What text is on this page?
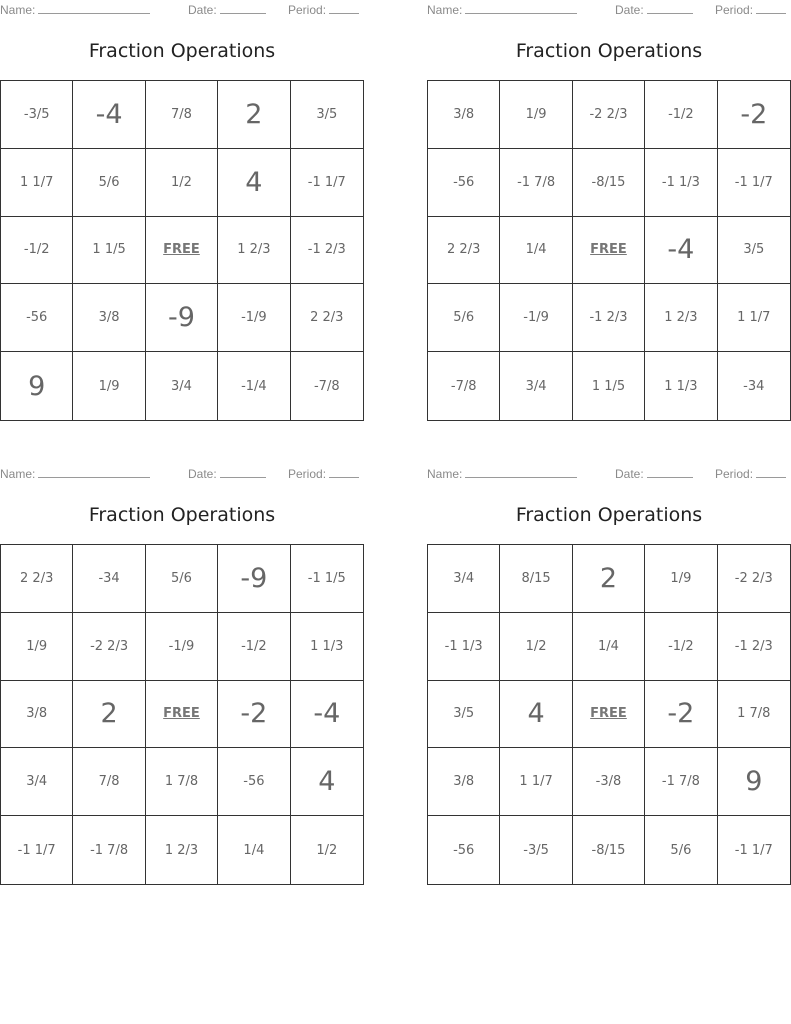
Name:	Date:	Period:
Fraction Operations
-3/5	-4	7/8	2	3/5
1 1/7	5/6	1/2	4	-1 1/7
-1/2	1 1/5	FREE	1 2/3	-1 2/3
-56	3/8	-9	-1/9	2 2/3
9	1/9	3/4	-1/4	-7/8
Name:	Date:	Period:
Fraction Operations
3/8	1/9	-2 2/3	-1/2	-2
-56	-1 7/8	-8/15	-1 1/3	-1 1/7
2 2/3	1/4	FREE	-4	3/5
5/6	-1/9	-1 2/3	1 2/3	1 1/7
-7/8	3/4	1 1/5	1 1/3	-34
Name:	Date:	Period:
Fraction Operations
2 2/3	-34	5/6	-9	-1 1/5
1/9	-2 2/3	-1/9	-1/2	1 1/3
3/8	2	FREE	-2	-4
3/4	7/8	1 7/8	-56	4
-1 1/7	-1 7/8	1 2/3	1/4	1/2
Name:	Date:	Period:
Fraction Operations
3/4	8/15	2	1/9	-2 2/3
-1 1/3	1/2	1/4	-1/2	-1 2/3
3/5	4	FREE	-2	1 7/8
3/8	1 1/7	-3/8	-1 7/8	9
-56	-3/5	-8/15	5/6	-1 1/7
